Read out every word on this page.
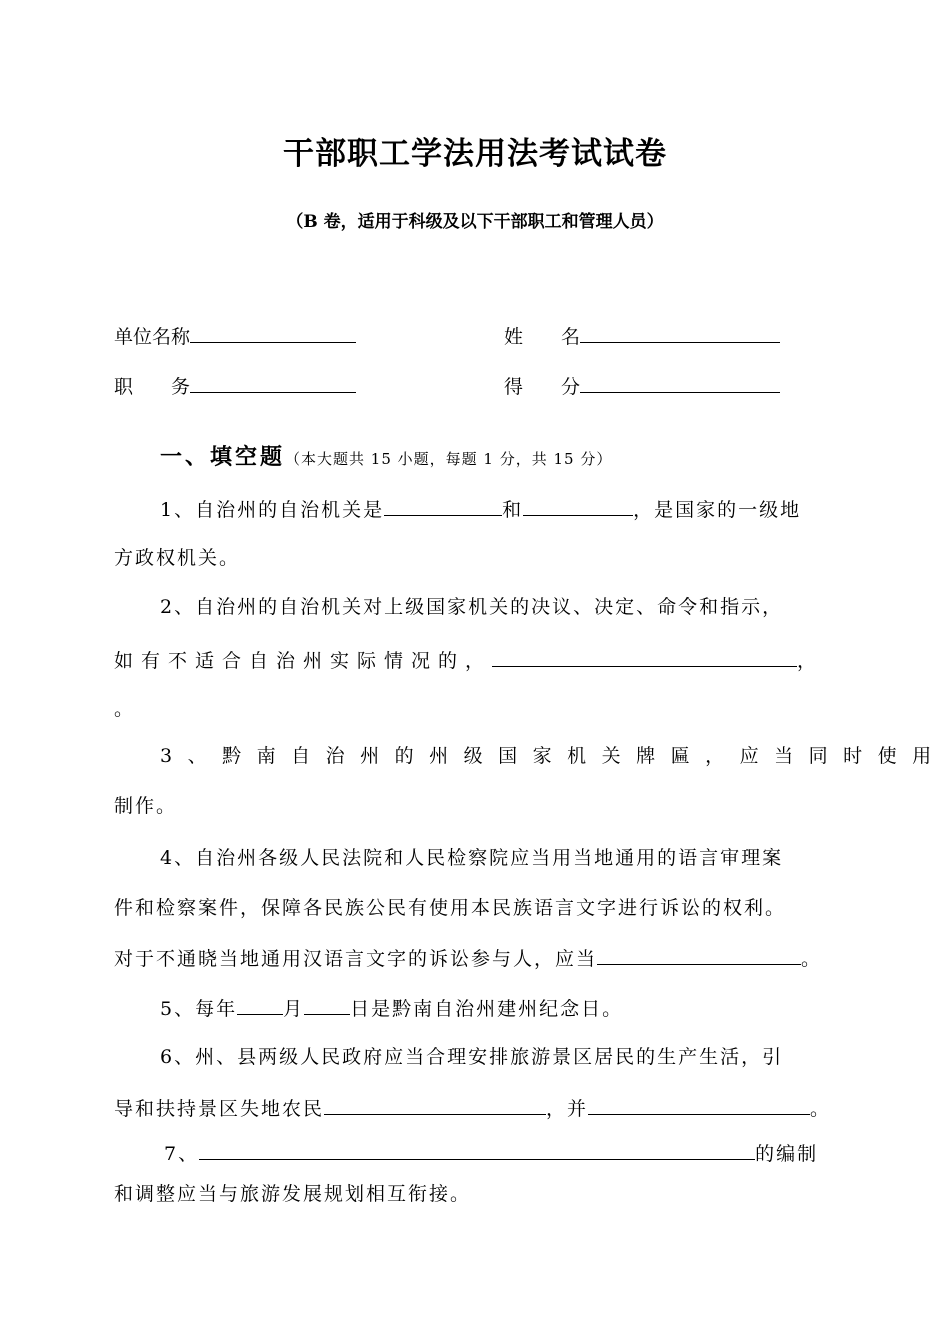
干部职工学法用法考试试卷
（B 卷，适用于科级及以下干部职工和管理人员）
单位名称	姓　　名
职　　务	得　　分
一、填空题（本大题共 15 小题，每题 1 分，共 15 分）
1、自治州的自治机关是	和	，是国家的一级地
方政权机关。
2、自治州的自治机关对上级国家机关的决议、决定、命令和指示，
如有不适合自治州实际情况的，	，
。
3、黔南自治州的州级国家机关牌匾，应当同时使用
制作。
4、自治州各级人民法院和人民检察院应当用当地通用的语言审理案
件和检察案件，保障各民族公民有使用本民族语言文字进行诉讼的权利。
对于不通晓当地通用汉语言文字的诉讼参与人，应当	。
5、每年 月 日是黔南自治州建州纪念日。
6、州、县两级人民政府应当合理安排旅游景区居民的生产生活，引
导和扶持景区失地农民	，并	。
7、	的编制
和调整应当与旅游发展规划相互衔接。
